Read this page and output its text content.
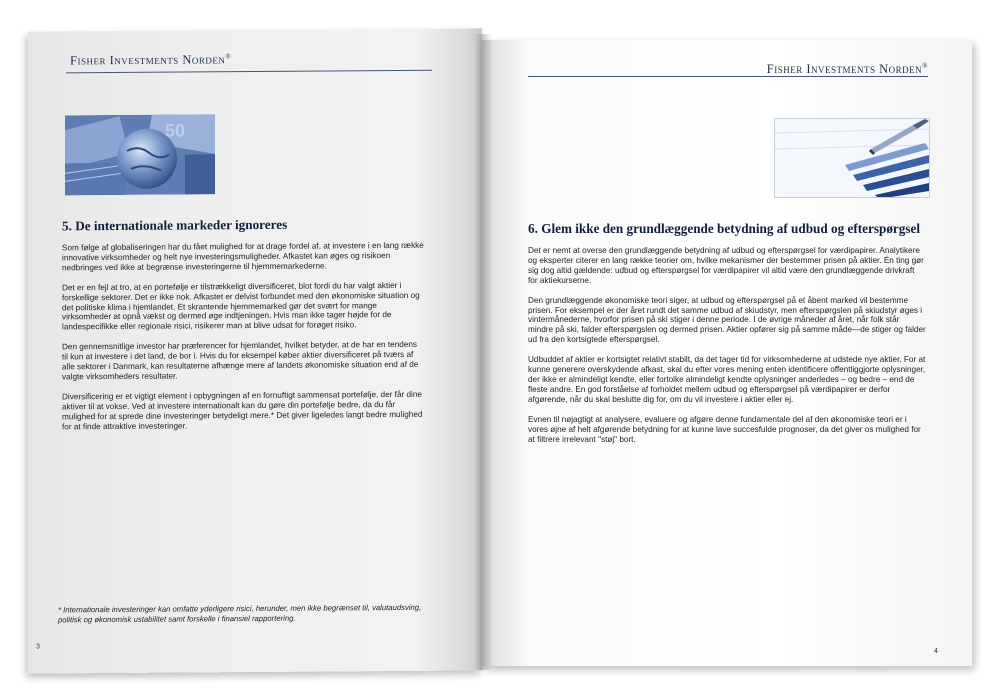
Fisher Investments Norden®
50
5. De internationale markeder ignoreres

Som følge af globaliseringen har du fået mulighed for at drage fordel af, at investere i en lang række innovative virksomheder og helt nye investeringsmuligheder. Afkastet kan øges og risikoen nedbringes ved ikke at begrænse investeringerne til hjemmemarkederne.

Det er en fejl at tro, at en portefølje er tilstrækkeligt diversificeret, blot fordi du har valgt aktier i forskellige sektorer. Det er ikke nok. Afkastet er delvist forbundet med den økonomiske situation og det politiske klima i hjemlandet. Et skrantende hjemmemarked gør det svært for mange virksomheder at opnå vækst og dermed øge indtjeningen. Hvis man ikke tager højde for de landespecifikke eller regionale risici, risikerer man at blive udsat for forøget risiko.

Den gennemsnitlige investor har præferencer for hjemlandet, hvilket betyder, at de har en tendens til kun at investere i det land, de bor i. Hvis du for eksempel køber aktier diversificeret på tværs af alle sektorer i Danmark, kan resultaterne afhænge mere af landets økonomiske situation end af de valgte virksomheders resultater.

Diversificering er et vigtigt element i opbygningen af en fornuftigt sammensat portefølje, der får dine aktiver til at vokse. Ved at investere internationalt kan du gøre din portefølje bedre, da du får mulighed for at sprede dine investeringer betydeligt mere.* Det giver ligeledes langt bedre mulighed for at finde attraktive investeringer.

* Internationale investeringer kan omfatte yderligere risici, herunder, men ikke begrænset til, valutaudsving, politisk og økonomisk ustabilitet samt forskelle i finansiel rapportering.
3
Fisher Investments Norden®
6. Glem ikke den grundlæggende betydning af udbud og efterspørgsel

Det er nemt at overse den grundlæggende betydning af udbud og efterspørgsel for værdipapirer. Analytikere og eksperter citerer en lang række teorier om, hvilke mekanismer der bestemmer prisen på aktier. Én ting gør sig dog altid gældende: udbud og efterspørgsel for værdipapirer vil altid være den grundlæggende drivkraft for aktiekurserne.

Den grundlæggende økonomiske teori siger, at udbud og efterspørgsel på et åbent marked vil bestemme prisen. For eksempel er der året rundt det samme udbud af skiudstyr, men efterspørgslen på skiudstyr øges i vintermånederne, hvorfor prisen på ski stiger i denne periode. I de øvrige måneder af året, når folk står mindre på ski, falder efterspørgslen og dermed prisen. Aktier opfører sig på samme måde—de stiger og falder ud fra den kortsigtede efterspørgsel.

Udbuddet af aktier er kortsigtet relativt stabilt, da det tager tid for virksomhederne at udstede nye aktier. For at kunne generere overskydende afkast, skal du efter vores mening enten identificere offentliggjorte oplysninger, der ikke er almindeligt kendte, eller fortolke almindeligt kendte oplysninger anderledes – og bedre – end de fleste andre. En god forståelse af forholdet mellem udbud og efterspørgsel på værdipapirer er derfor afgørende, når du skal beslutte dig for, om du vil investere i aktier eller ej.

Evnen til nøjagtigt at analysere, evaluere og afgøre denne fundamentale del af den økonomiske teori er i vores øjne af helt afgørende betydning for at kunne lave succesfulde prognoser, da det giver os mulighed for at filtrere irrelevant "støj" bort.

4
